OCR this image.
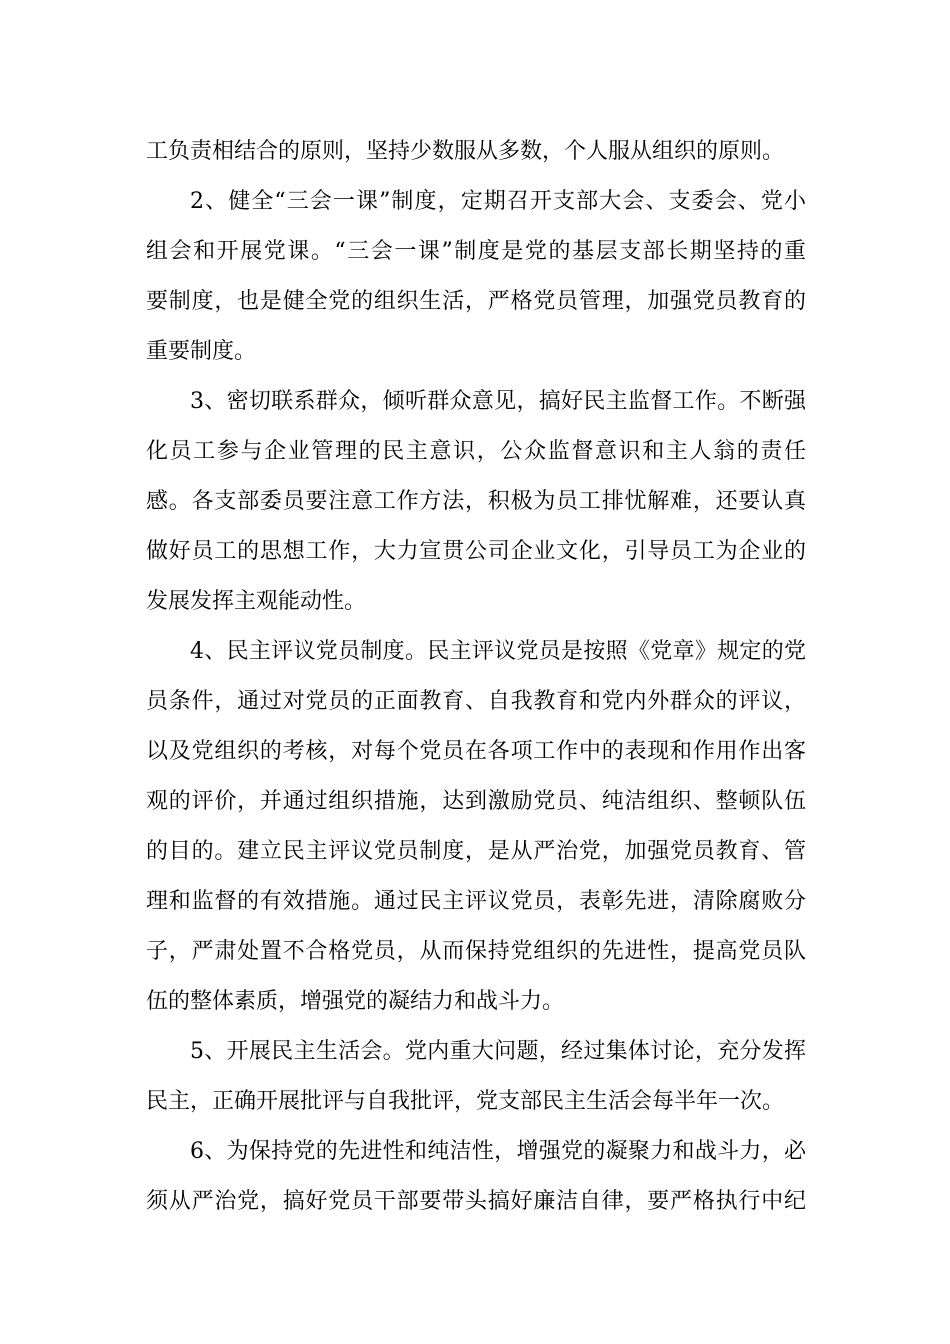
工负责相结合的原则，坚持少数服从多数，个人服从组织的原则。
2、健全“三会一课”制度，定期召开支部大会、支委会、党小
组会和开展党课。“三会一课”制度是党的基层支部长期坚持的重
要制度，也是健全党的组织生活，严格党员管理，加强党员教育的
重要制度。
3、密切联系群众，倾听群众意见，搞好民主监督工作。不断强
化员工参与企业管理的民主意识，公众监督意识和主人翁的责任
感。各支部委员要注意工作方法，积极为员工排忧解难，还要认真
做好员工的思想工作，大力宣贯公司企业文化，引导员工为企业的
发展发挥主观能动性。
4、民主评议党员制度。民主评议党员是按照《党章》规定的党
员条件，通过对党员的正面教育、自我教育和党内外群众的评议，
以及党组织的考核，对每个党员在各项工作中的表现和作用作出客
观的评价，并通过组织措施，达到激励党员、纯洁组织、整顿队伍
的目的。建立民主评议党员制度，是从严治党，加强党员教育、管
理和监督的有效措施。通过民主评议党员，表彰先进，清除腐败分
子，严肃处置不合格党员，从而保持党组织的先进性，提高党员队
伍的整体素质，增强党的凝结力和战斗力。
5、开展民主生活会。党内重大问题，经过集体讨论，充分发挥
民主，正确开展批评与自我批评，党支部民主生活会每半年一次。
6、为保持党的先进性和纯洁性，增强党的凝聚力和战斗力，必
须从严治党，搞好党员干部要带头搞好廉洁自律，要严格执行中纪
